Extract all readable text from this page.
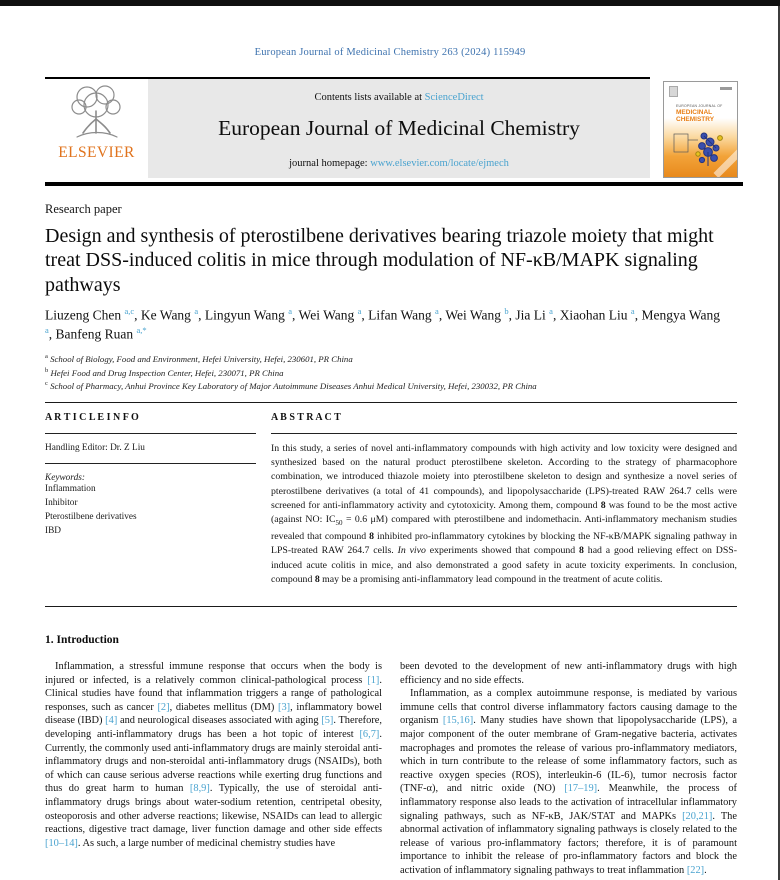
European Journal of Medicinal Chemistry 263 (2024) 115949
ELSEVIER
Contents lists available at ScienceDirect
European Journal of Medicinal Chemistry
journal homepage: www.elsevier.com/locate/ejmech
EUROPEAN JOURNAL OF
MEDICINAL
CHEMISTRY
Research paper
Design and synthesis of pterostilbene derivatives bearing triazole moiety that might treat DSS-induced colitis in mice through modulation of NF-κB/MAPK signaling pathways
Liuzeng Chen $^{a,c}$, Ke Wang $^a$, Lingyun Wang $^a$, Wei Wang $^a$, Lifan Wang $^a$, Wei Wang $^b$, Jia Li $^a$, Xiaohan Liu $^a$, Mengya Wang $^a$, Banfeng Ruan $^{a,*}$
$^a$ School of Biology, Food and Environment, Hefei University, Hefei, 230601, PR China
$^b$ Hefei Food and Drug Inspection Center, Hefei, 230071, PR China
$^c$ School of Pharmacy, Anhui Province Key Laboratory of Major Autoimmune Diseases Anhui Medical University, Hefei, 230032, PR China
A R T I C L E I N F O
Handling Editor: Dr. Z Liu
Keywords:
Inflammation
Inhibitor
Pterostilbene derivatives
IBD
A B S T R A C T
In this study, a series of novel anti-inflammatory compounds with high activity and low toxicity were designed and synthesized based on the natural product pterostilbene skeleton. According to the strategy of pharmacophore combination, we introduced thiazole moiety into pterostilbene skeleton to design and synthesize a novel series of pterostilbene derivatives (a total of 41 compounds), and lipopolysaccharide (LPS)-treated RAW 264.7 cells were screened for anti-inflammatory activity and cytotoxicity. Among them, compound 8 was found to be the most active (against NO: $IC_{50} = 0.6$ μM) compared with pterostilbene and indomethacin. Anti-inflammatory mechanism studies revealed that compound 8 inhibited pro-inflammatory cytokines by blocking the NF-κB/MAPK signaling pathway in LPS-treated RAW 264.7 cells. In vivo experiments showed that compound 8 had a good relieving effect on DSS-induced acute colitis in mice, and also demonstrated a good safety in acute toxicity experiments. In conclusion, compound 8 may be a promising anti-inflammatory lead compound in the treatment of acute colitis.
1. Introduction

Inflammation, a stressful immune response that occurs when the body is injured or infected, is a relatively common clinical-pathological process [1]. Clinical studies have found that inflammation triggers a range of pathological responses, such as cancer [2], diabetes mellitus (DM) [3], inflammatory bowel disease (IBD) [4] and neurological diseases associated with aging [5]. Therefore, developing anti-inflammatory drugs has been a hot topic of interest [6,7]. Currently, the commonly used anti-inflammatory drugs are mainly steroidal anti-inflammatory drugs and non-steroidal anti-inflammatory drugs (NSAIDs), both of which can cause serious adverse reactions while exerting drug functions and thus do great harm to human [8,9]. Typically, the use of steroidal anti-inflammatory drugs brings about water-sodium retention, centripetal obesity, osteoporosis and other adverse reactions; likewise, NSAIDs can lead to allergic reactions, digestive tract damage, liver function damage and other side effects [10–14]. As such, a large number of medicinal chemistry studies have

been devoted to the development of new anti-inflammatory drugs with high efficiency and no side effects.

Inflammation, as a complex autoimmune response, is mediated by various immune cells that control diverse inflammatory factors causing damage to the organism [15,16]. Many studies have shown that lipopolysaccharide (LPS), a major component of the outer membrane of Gram-negative bacteria, activates macrophages and promotes the release of various pro-inflammatory mediators, which in turn contribute to the release of some inflammatory factors, such as reactive oxygen species (ROS), interleukin-6 (IL-6), tumor necrosis factor (TNF-α), and nitric oxide (NO) [17–19]. Meanwhile, the process of inflammatory response also leads to the activation of intracellular inflammatory signaling pathways, such as NF-κB, JAK/STAT and MAPKs [20,21]. The abnormal activation of inflammatory signaling pathways is closely related to the release of various pro-inflammatory factors; therefore, it is of paramount importance to inhibit the release of pro-inflammatory factors and block the activation of inflammatory signaling pathways to treat inflammation [22].
